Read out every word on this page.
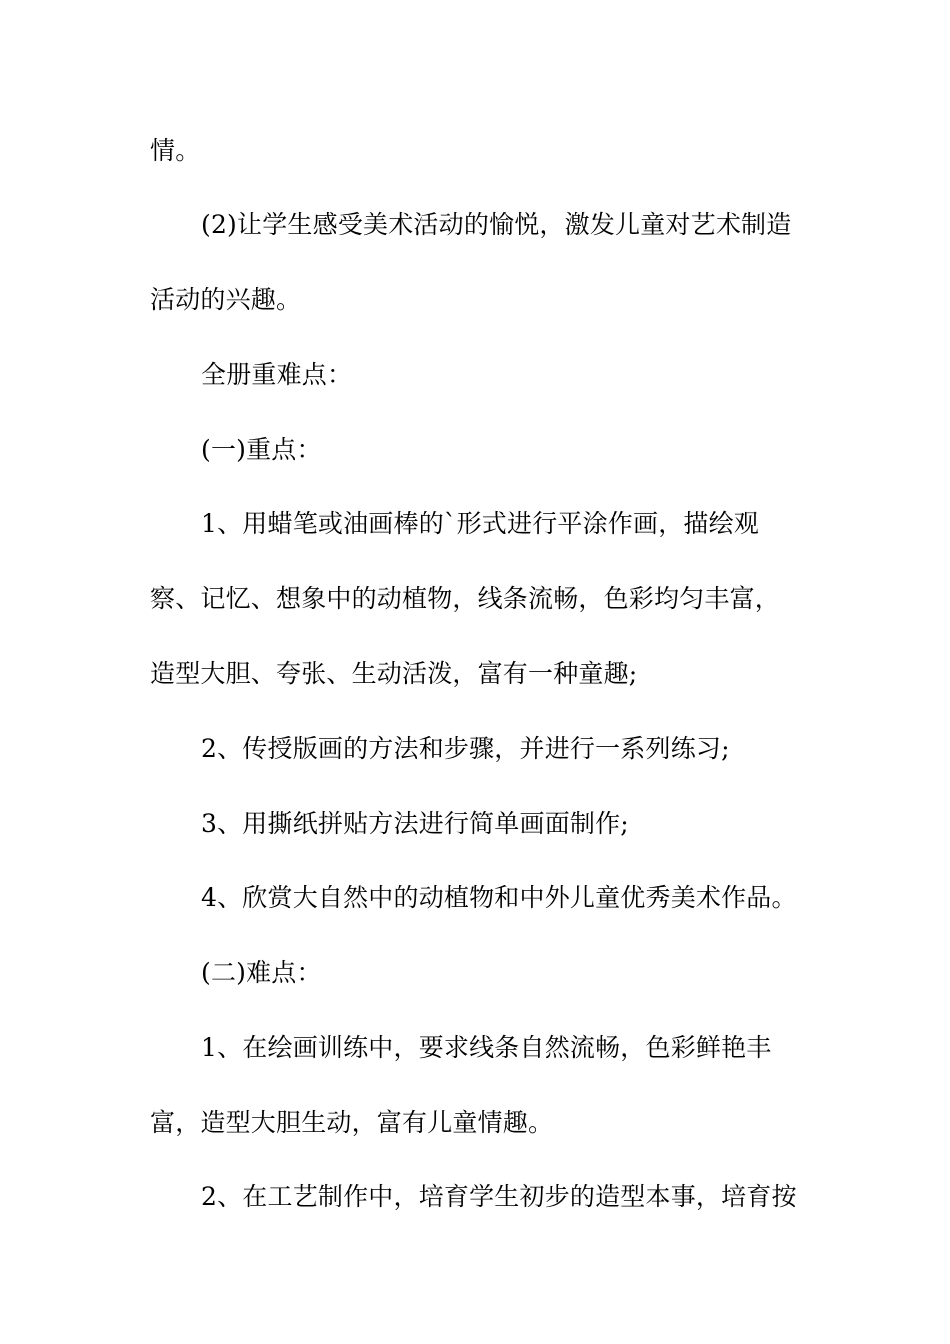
情。
(2)让学生感受美术活动的愉悦，激发儿童对艺术制造
活动的兴趣。
全册重难点：
(一)重点：
1、用蜡笔或油画棒的`形式进行平涂作画，描绘观
察、记忆、想象中的动植物，线条流畅，色彩均匀丰富，
造型大胆、夸张、生动活泼，富有一种童趣;
2、传授版画的方法和步骤，并进行一系列练习;
3、用撕纸拼贴方法进行简单画面制作;
4、欣赏大自然中的动植物和中外儿童优秀美术作品。
(二)难点：
1、在绘画训练中，要求线条自然流畅，色彩鲜艳丰
富，造型大胆生动，富有儿童情趣。
2、在工艺制作中，培育学生初步的造型本事，培育按
